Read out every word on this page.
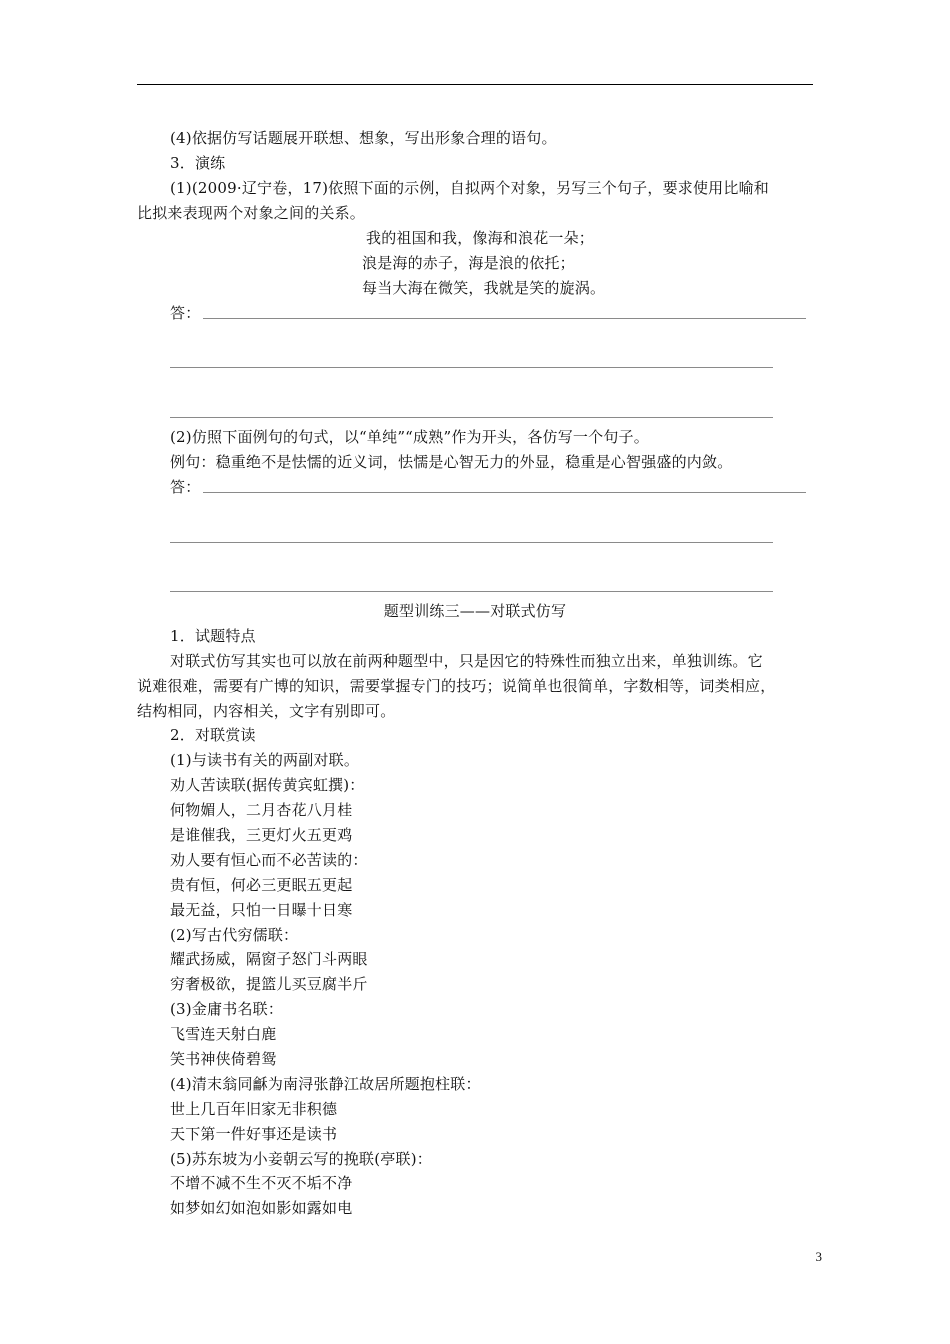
(4)依据仿写话题展开联想、想象，写出形象合理的语句。
3．演练
(1)(2009·辽宁卷，17)依照下面的示例，自拟两个对象，另写三个句子，要求使用比喻和
比拟来表现两个对象之间的关系。
我的祖国和我，像海和浪花一朵；
浪是海的赤子，海是浪的依托；
每当大海在微笑，我就是笑的旋涡。
答：
(2)仿照下面例句的句式，以“单纯”“成熟”作为开头，各仿写一个句子。
例句：稳重绝不是怯懦的近义词，怯懦是心智无力的外显，稳重是心智强盛的内敛。
答：
题型训练三——对联式仿写
1．试题特点
对联式仿写其实也可以放在前两种题型中，只是因它的特殊性而独立出来，单独训练。它
说难很难，需要有广博的知识，需要掌握专门的技巧；说简单也很简单，字数相等，词类相应，
结构相同，内容相关，文字有别即可。
2．对联赏读
(1)与读书有关的两副对联。
劝人苦读联(据传黄宾虹撰)：
何物媚人，二月杏花八月桂
是谁催我，三更灯火五更鸡
劝人要有恒心而不必苦读的：
贵有恒，何必三更眠五更起
最无益，只怕一日曝十日寒
(2)写古代穷儒联：
耀武扬威，隔窗子怒门斗两眼
穷奢极欲，提篮儿买豆腐半斤
(3)金庸书名联：
飞雪连天射白鹿
笑书神侠倚碧鸳
(4)清末翁同龢为南浔张静江故居所题抱柱联：
世上几百年旧家无非积德
天下第一件好事还是读书
(5)苏东坡为小妾朝云写的挽联(亭联)：
不增不减不生不灭不垢不净
如梦如幻如泡如影如露如电
3
